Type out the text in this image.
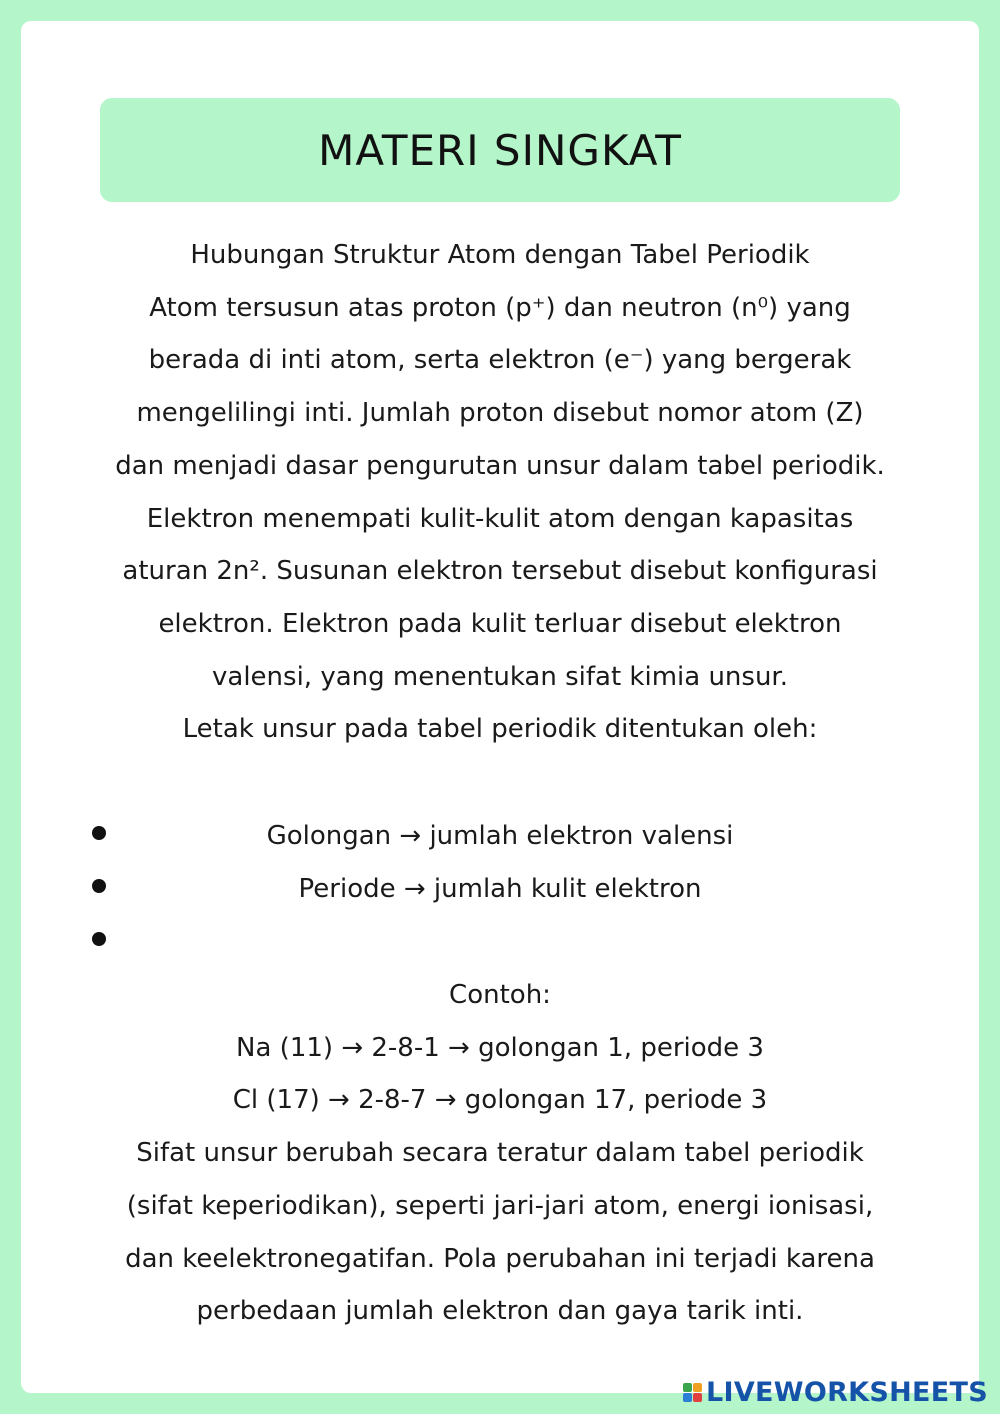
MATERI SINGKAT
Hubungan Struktur Atom dengan Tabel Periodik
Atom tersusun atas proton (p⁺) dan neutron (n⁰) yang
berada di inti atom, serta elektron (e⁻) yang bergerak
mengelilingi inti. Jumlah proton disebut nomor atom (Z)
dan menjadi dasar pengurutan unsur dalam tabel periodik.
Elektron menempati kulit-kulit atom dengan kapasitas
aturan 2n². Susunan elektron tersebut disebut konfigurasi
elektron. Elektron pada kulit terluar disebut elektron
valensi, yang menentukan sifat kimia unsur.
Letak unsur pada tabel periodik ditentukan oleh:
Golongan → jumlah elektron valensi
Periode → jumlah kulit elektron
Contoh:
Na (11) → 2-8-1 → golongan 1, periode 3
Cl (17) → 2-8-7 → golongan 17, periode 3
Sifat unsur berubah secara teratur dalam tabel periodik
(sifat keperiodikan), seperti jari-jari atom, energi ionisasi,
dan keelektronegatifan. Pola perubahan ini terjadi karena
perbedaan jumlah elektron dan gaya tarik inti.
LIVEWORKSHEETS
